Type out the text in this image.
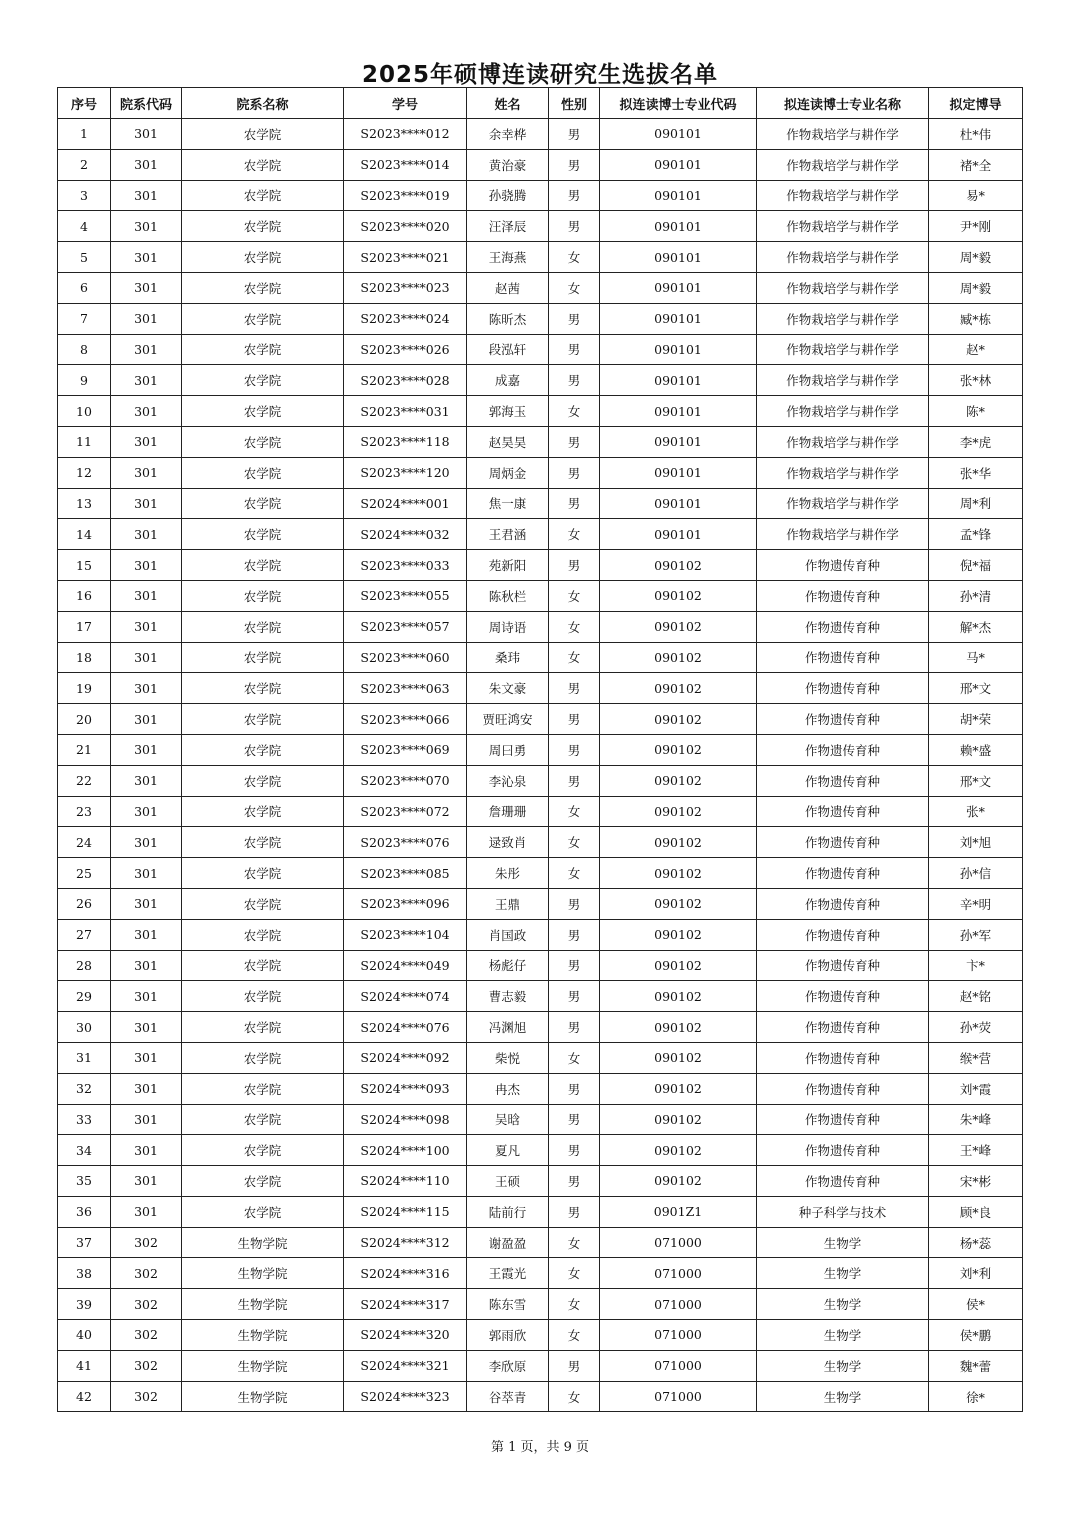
2025年硕博连读研究生选拔名单
序号	院系代码	院系名称	学号	姓名	性别	拟连读博士专业代码	拟连读博士专业名称	拟定博导
1	301	农学院	S2023****012	余幸桦	男	090101	作物栽培学与耕作学	杜*伟
2	301	农学院	S2023****014	黄治豪	男	090101	作物栽培学与耕作学	褚*全
3	301	农学院	S2023****019	孙骁腾	男	090101	作物栽培学与耕作学	易*
4	301	农学院	S2023****020	汪泽辰	男	090101	作物栽培学与耕作学	尹*刚
5	301	农学院	S2023****021	王海燕	女	090101	作物栽培学与耕作学	周*毅
6	301	农学院	S2023****023	赵茜	女	090101	作物栽培学与耕作学	周*毅
7	301	农学院	S2023****024	陈昕杰	男	090101	作物栽培学与耕作学	臧*栋
8	301	农学院	S2023****026	段泓轩	男	090101	作物栽培学与耕作学	赵*
9	301	农学院	S2023****028	成嘉	男	090101	作物栽培学与耕作学	张*林
10	301	农学院	S2023****031	郭海玉	女	090101	作物栽培学与耕作学	陈*
11	301	农学院	S2023****118	赵昊昊	男	090101	作物栽培学与耕作学	李*虎
12	301	农学院	S2023****120	周炳金	男	090101	作物栽培学与耕作学	张*华
13	301	农学院	S2024****001	焦一康	男	090101	作物栽培学与耕作学	周*利
14	301	农学院	S2024****032	王君涵	女	090101	作物栽培学与耕作学	孟*锋
15	301	农学院	S2023****033	苑新阳	男	090102	作物遗传育种	倪*福
16	301	农学院	S2023****055	陈秋栏	女	090102	作物遗传育种	孙*清
17	301	农学院	S2023****057	周诗语	女	090102	作物遗传育种	解*杰
18	301	农学院	S2023****060	桑玮	女	090102	作物遗传育种	马*
19	301	农学院	S2023****063	朱文豪	男	090102	作物遗传育种	邢*文
20	301	农学院	S2023****066	贾旺鸿安	男	090102	作物遗传育种	胡*荣
21	301	农学院	S2023****069	周曰勇	男	090102	作物遗传育种	赖*盛
22	301	农学院	S2023****070	李沁泉	男	090102	作物遗传育种	邢*文
23	301	农学院	S2023****072	詹珊珊	女	090102	作物遗传育种	张*
24	301	农学院	S2023****076	逯致肖	女	090102	作物遗传育种	刘*旭
25	301	农学院	S2023****085	朱彤	女	090102	作物遗传育种	孙*信
26	301	农学院	S2023****096	王鼎	男	090102	作物遗传育种	辛*明
27	301	农学院	S2023****104	肖国政	男	090102	作物遗传育种	孙*军
28	301	农学院	S2024****049	杨彪仔	男	090102	作物遗传育种	卞*
29	301	农学院	S2024****074	曹志毅	男	090102	作物遗传育种	赵*铭
30	301	农学院	S2024****076	冯渊旭	男	090102	作物遗传育种	孙*荧
31	301	农学院	S2024****092	柴悦	女	090102	作物遗传育种	缑*营
32	301	农学院	S2024****093	冉杰	男	090102	作物遗传育种	刘*霞
33	301	农学院	S2024****098	吴晗	男	090102	作物遗传育种	朱*峰
34	301	农学院	S2024****100	夏凡	男	090102	作物遗传育种	王*峰
35	301	农学院	S2024****110	王硕	男	090102	作物遗传育种	宋*彬
36	301	农学院	S2024****115	陆前行	男	0901Z1	种子科学与技术	顾*良
37	302	生物学院	S2024****312	谢盈盈	女	071000	生物学	杨*蕊
38	302	生物学院	S2024****316	王霞光	女	071000	生物学	刘*利
39	302	生物学院	S2024****317	陈东雪	女	071000	生物学	侯*
40	302	生物学院	S2024****320	郭雨欣	女	071000	生物学	侯*鹏
41	302	生物学院	S2024****321	李欣原	男	071000	生物学	魏*蕾
42	302	生物学院	S2024****323	谷萃青	女	071000	生物学	徐*
第 1 页，共 9 页
